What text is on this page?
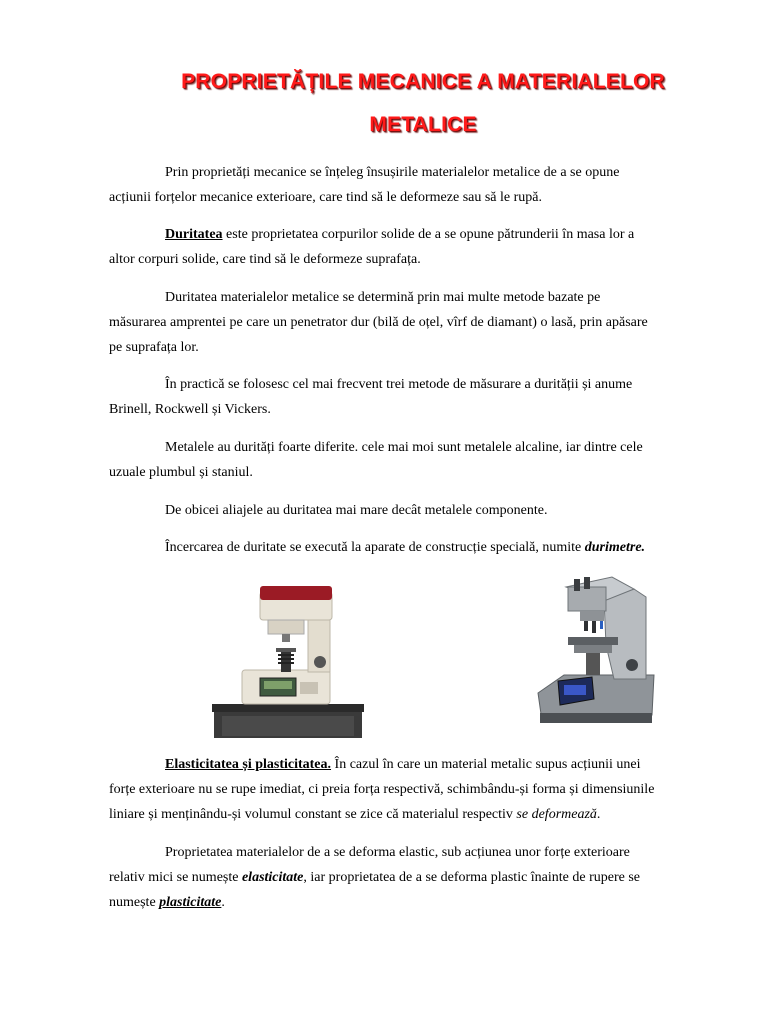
PROPRIETĂȚILE MECANICE A MATERIALELOR
METALICE

Prin proprietăți mecanice se înțeleg însușirile materialelor metalice de a se opune
acțiunii forțelor mecanice exterioare, care tind să le deformeze sau să le rupă.

Duritatea este proprietatea corpurilor solide de a se opune pătrunderii în masa lor a
altor corpuri solide, care tind să le deformeze suprafața.

Duritatea materialelor metalice se determină prin mai multe metode bazate pe
măsurarea amprentei pe care un penetrator dur (bilă de oțel, vîrf de diamant) o lasă, prin apăsare
pe suprafața lor.

În practică se folosesc cel mai frecvent trei metode de măsurare a durității și anume
Brinell, Rockwell și Vickers.

Metalele au durități foarte diferite. cele mai moi sunt metalele alcaline, iar dintre cele
uzuale plumbul și staniul.

De obicei aliajele au duritatea mai mare decât metalele componente.

Încercarea de duritate se execută la aparate de construcție specială, numite durimetre.

Elasticitatea și plasticitatea. În cazul în care un material metalic supus acțiunii unei
forțe exterioare nu se rupe imediat, ci preia forța respectivă, schimbându-și forma și dimensiunile
liniare și menținându-și volumul constant se zice că materialul respectiv se deformează.

Proprietatea materialelor de a se deforma elastic, sub acțiunea unor forțe exterioare
relativ mici se numește elasticitate, iar proprietatea de a se deforma plastic înainte de rupere se
numește plasticitate.
